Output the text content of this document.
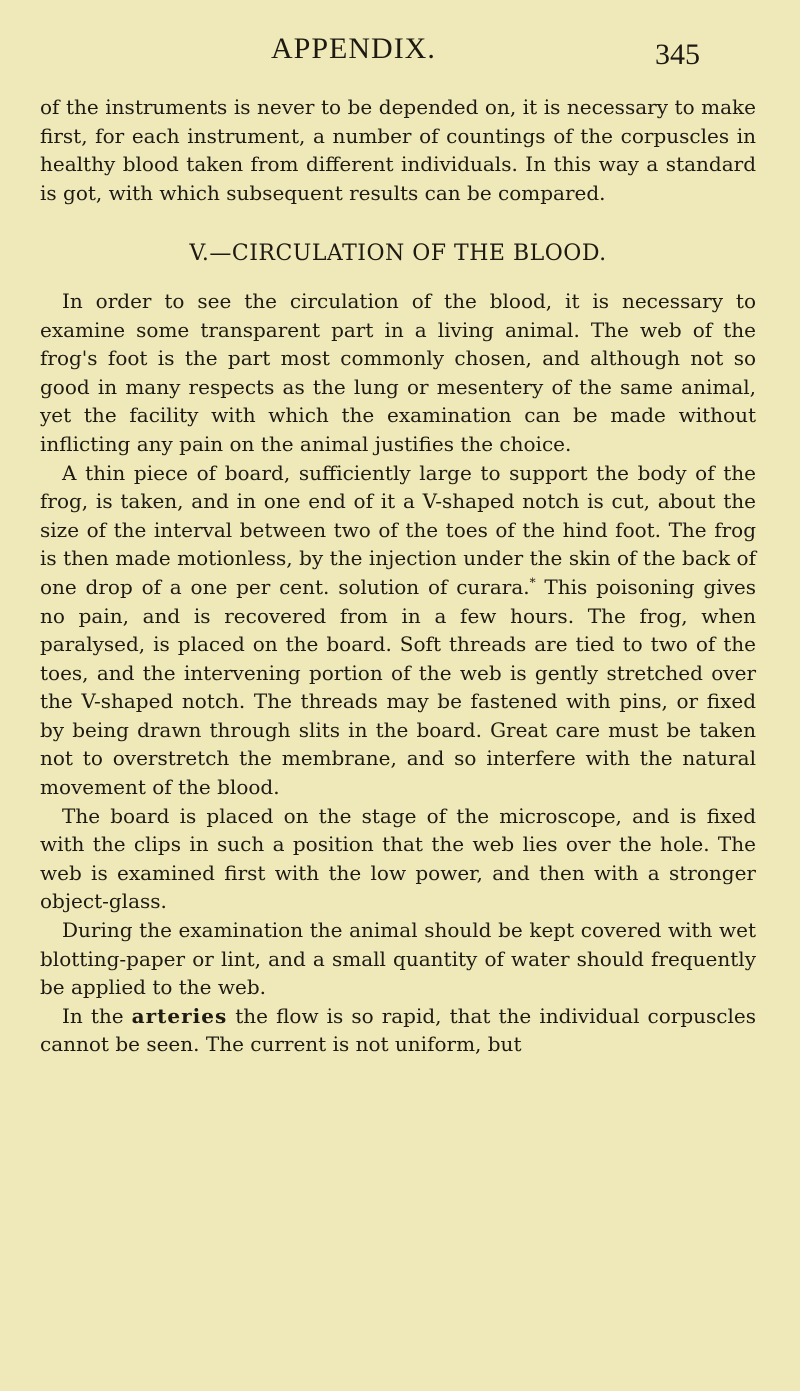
APPENDIX.	345

of the instruments is never to be depended on, it is necessary to make first, for each instrument, a number of countings of the corpuscles in healthy blood taken from different individuals. In this way a standard is got, with which subsequent results can be compared.

V.—CIRCULATION OF THE BLOOD.

In order to see the circulation of the blood, it is necessary to examine some transparent part in a living animal. The web of the frog's foot is the part most commonly chosen, and although not so good in many respects as the lung or mesentery of the same animal, yet the facility with which the examination can be made without inflicting any pain on the animal justifies the choice.

A thin piece of board, sufficiently large to support the body of the frog, is taken, and in one end of it a V-shaped notch is cut, about the size of the interval between two of the toes of the hind foot. The frog is then made motionless, by the injection under the skin of the back of one drop of a one per cent. solution of curara.* This poisoning gives no pain, and is recovered from in a few hours. The frog, when paralysed, is placed on the board. Soft threads are tied to two of the toes, and the intervening portion of the web is gently stretched over the V-shaped notch. The threads may be fastened with pins, or fixed by being drawn through slits in the board. Great care must be taken not to overstretch the membrane, and so interfere with the natural movement of the blood.

The board is placed on the stage of the microscope, and is fixed with the clips in such a position that the web lies over the hole. The web is examined first with the low power, and then with a stronger object-glass.

During the examination the animal should be kept covered with wet blotting-paper or lint, and a small quantity of water should frequently be applied to the web.

In the arteries the flow is so rapid, that the individual corpuscles cannot be seen. The current is not uniform, but
